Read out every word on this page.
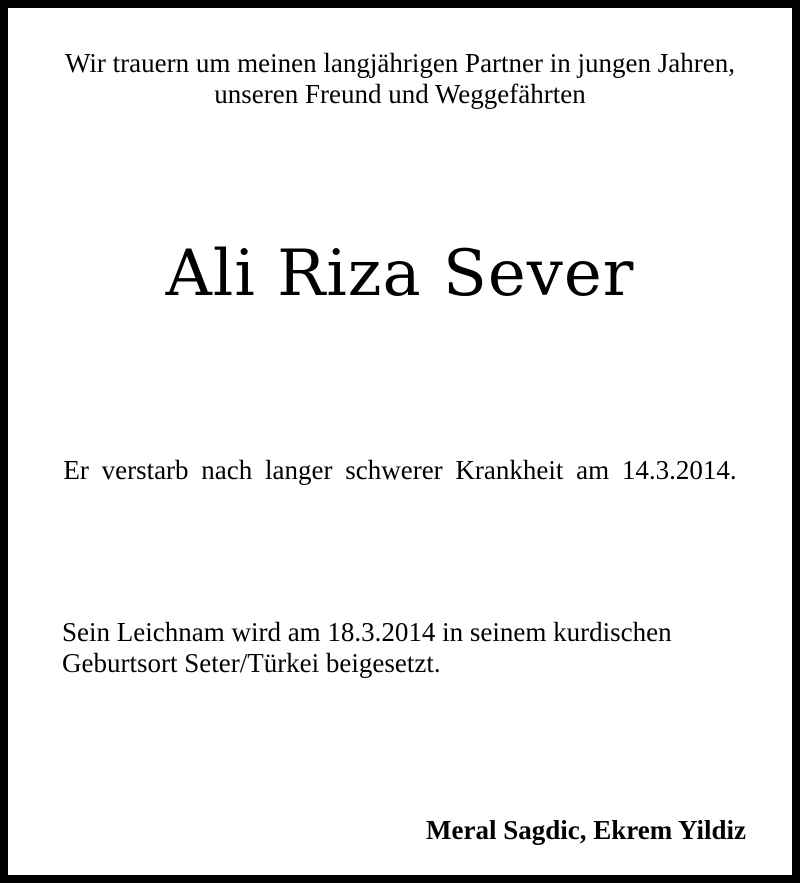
Wir trauern um meinen langjährigen Partner in jungen Jahren,
unseren Freund und Weggefährten
Ali Riza Sever
Er verstarb nach langer schwerer Krankheit am 14.3.2014.
Sein Leichnam wird am 18.3.2014 in seinem kurdischen
Geburtsort Seter/Türkei beigesetzt.
Meral Sagdic, Ekrem Yildiz
